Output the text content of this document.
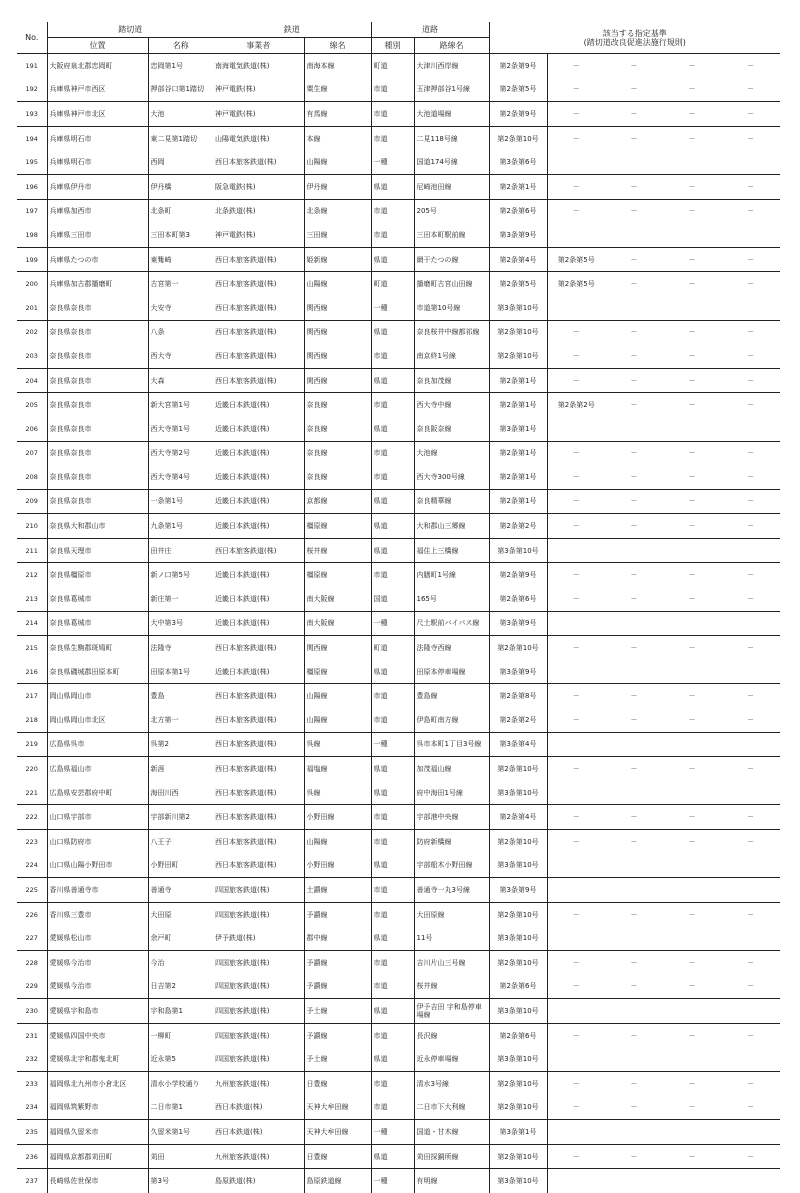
No.	踏切道		鉄道		道路		該当する指定基準
(踏切道改良促進法施行規則)				

	位置	名称	事業者	線名	種別	路線名					
191	大阪府泉北郡忠岡町	忠岡第1号	南海電気鉄道(株)	南海本線	町道	大津川西岸線	第2条第9号	－	－	－	－
192	兵庫県神戸市西区	押部谷口第1踏切	神戸電鉄(株)	粟生線	市道	玉津押部谷1号線	第2条第5号	－	－	－	－
193	兵庫県神戸市北区	大池	神戸電鉄(株)	有馬線	市道	大池道場線	第2条第9号	－	－	－	－
194	兵庫県明石市	東二見第1踏切	山陽電気鉄道(株)	本線	市道	二見118号線	第2条第10号	－	－	－	－
195	兵庫県明石市	西岡	西日本旅客鉄道(株)	山陽線	一種	国道174号線	第3条第6号				
196	兵庫県伊丹市	伊丹橋	阪急電鉄(株)	伊丹線	県道	尼崎池田線	第2条第1号	－	－	－	－
197	兵庫県加西市	北条町	北条鉄道(株)	北条線	市道	205号	第2条第6号	－	－	－	－
198	兵庫県三田市	三田本町第3	神戸電鉄(株)	三田線	市道	三田本町駅前線	第3条第9号				
199	兵庫県たつの市	東觜崎	西日本旅客鉄道(株)	姫新線	県道	網干たつの線	第2条第4号	第2条第5号	－	－	－
200	兵庫県加古郡播磨町	古宮第一	西日本旅客鉄道(株)	山陽線	町道	播磨町古宮山田線	第2条第5号	第2条第5号	－	－	－
201	奈良県奈良市	大安寺	西日本旅客鉄道(株)	関西線	一種	市道第10号線	第3条第10号				
202	奈良県奈良市	八条	西日本旅客鉄道(株)	関西線	県道	奈良桜井中線都祁線	第2条第10号	－	－	－	－
203	奈良県奈良市	西大寺	西日本旅客鉄道(株)	関西線	市道	南京終1号線	第2条第10号	－	－	－	－
204	奈良県奈良市	大森	西日本旅客鉄道(株)	関西線	県道	奈良加茂線	第2条第1号	－	－	－	－
205	奈良県奈良市	新大宮第1号	近畿日本鉄道(株)	奈良線	市道	西大寺中線	第2条第1号	第2条第2号	－	－	－
206	奈良県奈良市	西大寺第1号	近畿日本鉄道(株)	奈良線	県道	奈良阪奈線	第3条第1号				
207	奈良県奈良市	西大寺第2号	近畿日本鉄道(株)	奈良線	市道	大池線	第2条第1号	－	－	－	－
208	奈良県奈良市	西大寺第4号	近畿日本鉄道(株)	奈良線	市道	西大寺300号線	第2条第1号	－	－	－	－
209	奈良県奈良市	一条第1号	近畿日本鉄道(株)	京都線	県道	奈良精華線	第2条第1号	－	－	－	－
210	奈良県大和郡山市	九条第1号	近畿日本鉄道(株)	橿原線	県道	大和郡山三郷線	第2条第2号	－	－	－	－
211	奈良県天理市	田井庄	西日本旅客鉄道(株)	桜井線	県道	福住上三橋線	第3条第10号				
212	奈良県橿原市	新ノ口第5号	近畿日本鉄道(株)	橿原線	市道	内膳町1号線	第2条第9号	－	－	－	－
213	奈良県葛城市	新庄第一	近畿日本鉄道(株)	南大阪線	国道	165号	第2条第6号	－	－	－	－
214	奈良県葛城市	大中第3号	近畿日本鉄道(株)	南大阪線	一種	尺土駅前バイパス線	第3条第9号				
215	奈良県生駒郡斑鳩町	法隆寺	西日本旅客鉄道(株)	関西線	町道	法隆寺西線	第2条第10号	－	－	－	－
216	奈良県磯城郡田原本町	田原本第1号	近畿日本鉄道(株)	橿原線	県道	田原本停車場線	第3条第9号				
217	岡山県岡山市	豊島	西日本旅客鉄道(株)	山陽線	市道	豊島線	第2条第8号	－	－	－	－
218	岡山県岡山市北区	北方第一	西日本旅客鉄道(株)	山陽線	市道	伊島町南方線	第2条第2号	－	－	－	－
219	広島県呉市	呉第2	西日本旅客鉄道(株)	呉線	一種	呉市本町1丁目3号線	第3条第4号				
220	広島県福山市	新涯	西日本旅客鉄道(株)	福塩線	県道	加茂福山線	第2条第10号	－	－	－	－
221	広島県安芸郡府中町	海田川西	西日本旅客鉄道(株)	呉線	県道	府中海田1号線	第3条第10号				
222	山口県宇部市	宇部新川第2	西日本旅客鉄道(株)	小野田線	市道	宇部港中央線	第2条第4号	－	－	－	－
223	山口県防府市	八王子	西日本旅客鉄道(株)	山陽線	市道	防府新橋線	第2条第10号	－	－	－	－
224	山口県山陽小野田市	小野田町	西日本旅客鉄道(株)	小野田線	県道	宇部船木小野田線	第3条第10号				
225	香川県善通寺市	善通寺	四国旅客鉄道(株)	土讃線	市道	善通寺一丸3号線	第3条第9号				
226	香川県三豊市	大田原	四国旅客鉄道(株)	予讃線	市道	大田原線	第2条第10号	－	－	－	－
227	愛媛県松山市	余戸町	伊予鉄道(株)	郡中線	県道	11号	第3条第10号				
228	愛媛県今治市	今治	四国旅客鉄道(株)	予讃線	市道	吉川片山三号線	第2条第10号	－	－	－	－
229	愛媛県今治市	日吉第2	四国旅客鉄道(株)	予讃線	市道	桜井線	第2条第6号	－	－	－	－
230	愛媛県宇和島市	宇和島第1	四国旅客鉄道(株)	予土線	県道	伊予吉田 宇和島停車場線	第3条第10号				
231	愛媛県四国中央市	一柳町	四国旅客鉄道(株)	予讃線	市道	長沢線	第2条第6号	－	－	－	－
232	愛媛県北宇和郡鬼北町	近永第5	四国旅客鉄道(株)	予土線	県道	近永停車場線	第3条第10号				
233	福岡県北九州市小倉北区	清水小学校通り	九州旅客鉄道(株)	日豊線	市道	清水3号線	第2条第10号	－	－	－	－
234	福岡県筑紫野市	二日市第1	西日本鉄道(株)	天神大牟田線	市道	二日市下大利線	第2条第10号	－	－	－	－
235	福岡県久留米市	久留米第1号	西日本鉄道(株)	天神大牟田線	一種	国道・甘木線	第3条第1号				
236	福岡県京都郡苅田町	苅田	九州旅客鉄道(株)	日豊線	県道	苅田採銅所線	第2条第10号	－	－	－	－
237	長崎県佐世保市	第3号	島原鉄道(株)	島原鉄道線	一種	有明線	第3条第10号				
